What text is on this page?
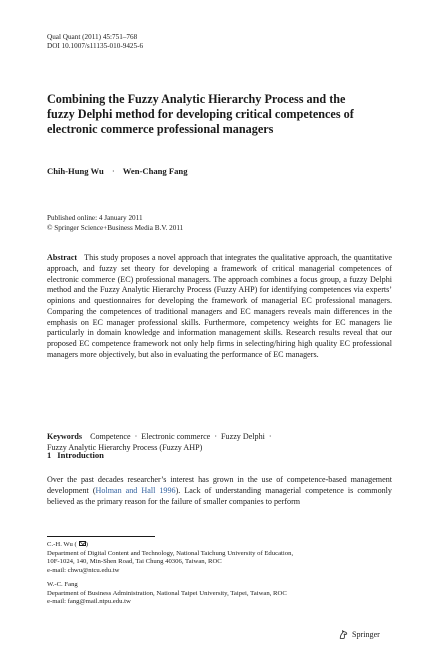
Qual Quant (2011) 45:751–768
DOI 10.1007/s11135-010-9425-6
Combining the Fuzzy Analytic Hierarchy Process and the fuzzy Delphi method for developing critical competences of electronic commerce professional managers
Chih-Hung Wu · Wen-Chang Fang
Published online: 4 January 2011
© Springer Science+Business Media B.V. 2011

Abstract This study proposes a novel approach that integrates the qualitative approach, the quantitative approach, and fuzzy set theory for developing a framework of critical managerial competences of electronic commerce (EC) professional managers. The approach combines a focus group, a fuzzy Delphi method and the Fuzzy Analytic Hierarchy Process (Fuzzy AHP) for identifying competences via experts’ opinions and questionnaires for developing the framework of managerial EC professional managers. Comparing the competences of traditional managers and EC managers reveals main differences in the emphasis on EC manager professional skills. Furthermore, competency weights for EC managers lie particularly in domain knowledge and information management skills. Research results reveal that our proposed EC competence framework not only help firms in selecting/hiring high quality EC professional managers more objectively, but also in evaluating the performance of EC managers.

Keywords Competence · Electronic commerce · Fuzzy Delphi ·
Fuzzy Analytic Hierarchy Process (Fuzzy AHP)
1 Introduction

Over the past decades researcher’s interest has grown in the use of competence-based management development (Holman and Hall 1996). Lack of understanding managerial competence is commonly believed as the primary reason for the failure of smaller companies to perform

C.-H. Wu ( )
Department of Digital Content and Technology, National Taichung University of Education,
10F-1024, 140, Min-Shen Road, Tai Chung 40306, Taiwan, ROC
e-mail: chwu@ntcu.edu.tw
W.-C. Fang
Department of Business Administration, National Taipei University, Taipei, Taiwan, ROC
e-mail: fang@mail.ntpu.edu.tw
Springer
